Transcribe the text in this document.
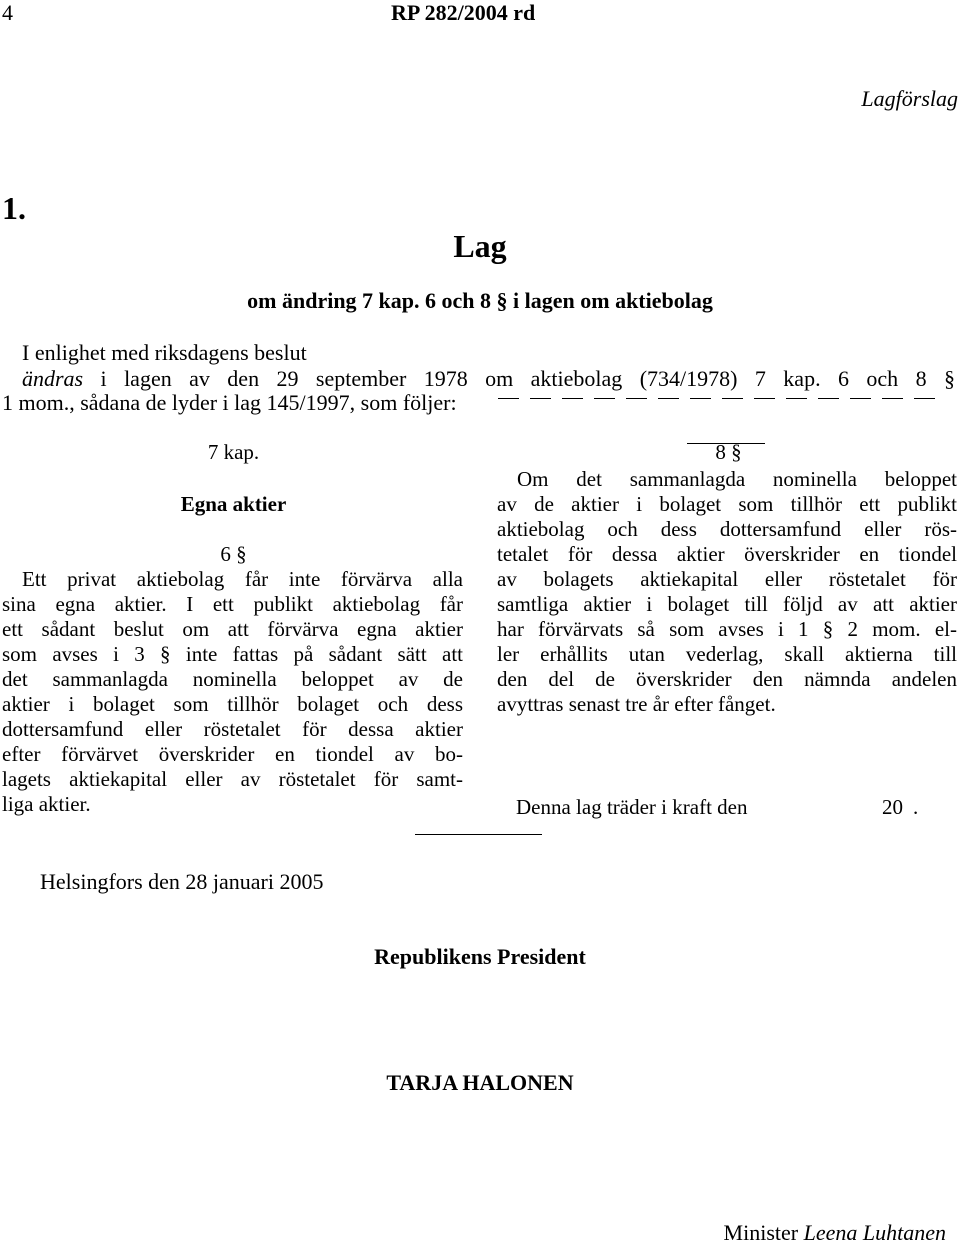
4	RP 282/2004 rd
Lagförslag
1.
Lag
om ändring 7 kap. 6 och 8 § i lagen om aktiebolag
I enlighet med riksdagens beslut
ändras i lagen av den 29 september 1978 om aktiebolag (734/1978) 7 kap. 6 och 8 §
1 mom., sådana de lyder i lag 145/1997, som följer:
7 kap.
Egna aktier
6 §
Ett privat aktiebolag får inte förvärva alla
sina egna aktier. I ett publikt aktiebolag får
ett sådant beslut om att förvärva egna aktier
som avses i 3 § inte fattas på sådant sätt att
det sammanlagda nominella beloppet av de
aktier i bolaget som tillhör bolaget och dess
dottersamfund eller röstetalet för dessa aktier
efter förvärvet överskrider en tiondel av bo-
lagets aktiekapital eller av röstetalet för samt-
liga aktier.
8 §
Om det sammanlagda nominella beloppet
av de aktier i bolaget som tillhör ett publikt
aktiebolag och dess dottersamfund eller rös-
tetalet för dessa aktier överskrider en tiondel
av bolagets aktiekapital eller röstetalet för
samtliga aktier i bolaget till följd av att aktier
har förvärvats så som avses i 1 § 2 mom. el-
ler erhållits utan vederlag, skall aktierna till
den del de överskrider den nämnda andelen
avyttras senast tre år efter fånget.
Denna lag träder i kraft den	20 .
Helsingfors den 28 januari 2005
Republikens President
TARJA HALONEN
Minister Leena Luhtanen
